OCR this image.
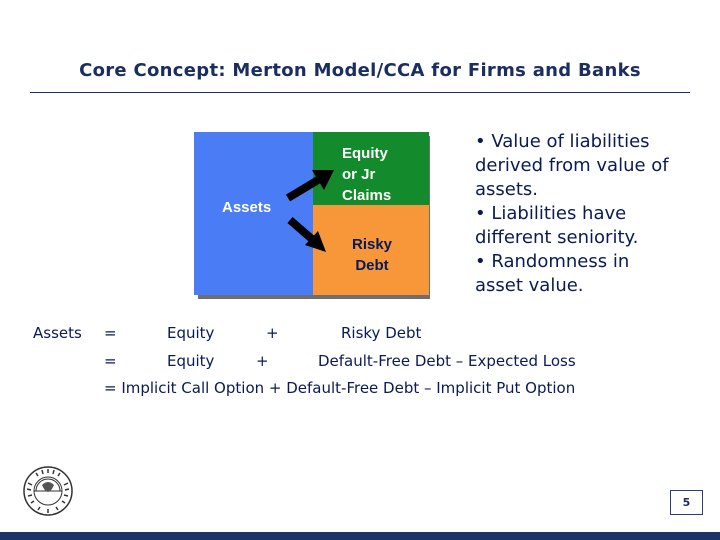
Core Concept: Merton Model/CCA for Firms and Banks
Assets
Equity
or Jr
Claims
Risky
Debt
• Value of liabilities
derived from value of
assets.
• Liabilities have
different seniority.
• Randomness in
asset value.
Assets =	Equity	+	Risky Debt
=	Equity	+	Default-Free Debt – Expected Loss
= Implicit Call Option + Default-Free Debt – Implicit Put Option
5
